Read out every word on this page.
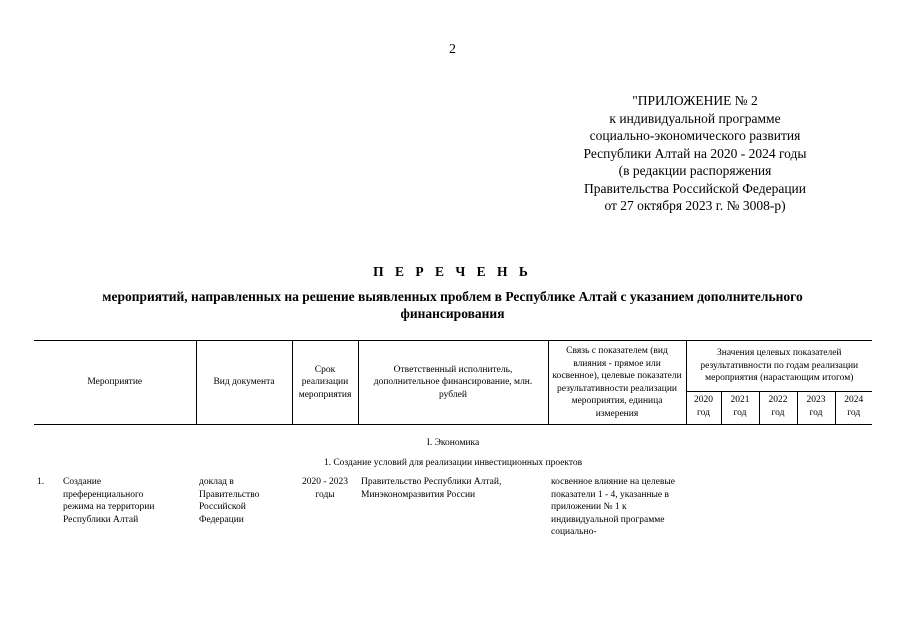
2
"ПРИЛОЖЕНИЕ № 2
к индивидуальной программе
социально-экономического развития
Республики Алтай на 2020 - 2024 годы
(в редакции распоряжения
Правительства Российской Федерации
от 27 октября 2023 г. № 3008-р)
П Е Р Е Ч Е Н Ь
мероприятий, направленных на решение выявленных проблем в Республике Алтай с указанием дополнительного финансирования
Мероприятие	Вид документа	Срок реализации мероприятия	Ответственный исполнитель, дополнительное финансирование, млн. рублей	Связь с показателем (вид влияния - прямое или косвенное), целевые показатели результативности реализации мероприятия, единица измерения	Значения целевых показателей результативности по годам реализации мероприятия (нарастающим итогом)				
					2020 год	2021 год	2022 год	2023 год	2024 год
I. Экономика									
1. Создание условий для реализации инвестиционных проектов									

1. Создание преференциального режима на территории Республики Алтай	доклад в Правительство Российской Федерации	2020 - 2023 годы	Правительство Республики Алтай, Минэкономразвития России	косвенное влияние на целевые показатели 1 - 4, указанные в приложении № 1 к индивидуальной программе социально-					
